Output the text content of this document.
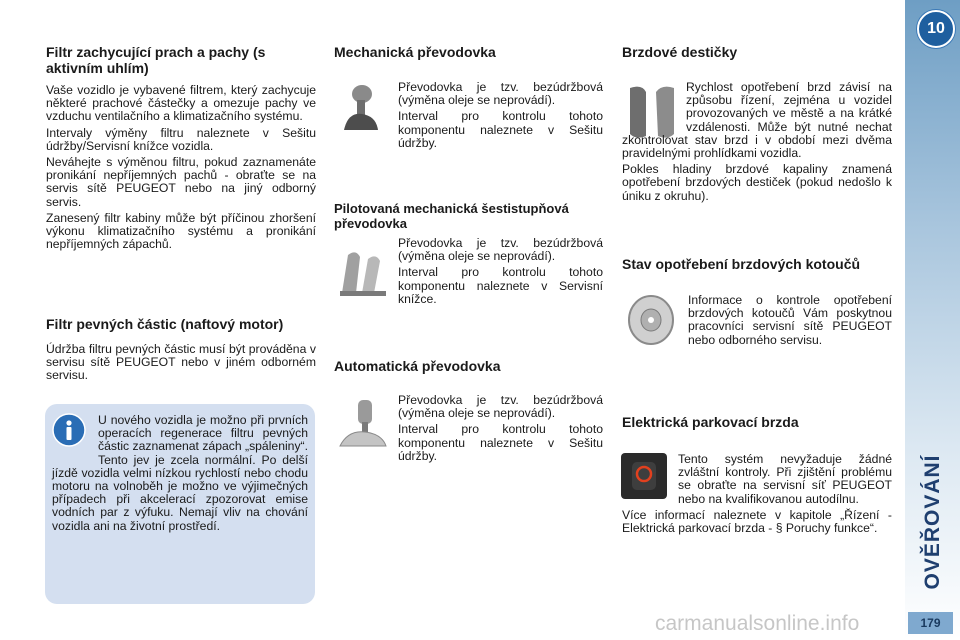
Filtr zachycující prach a pachy (s aktivním uhlím)

Vaše vozidlo je vybavené filtrem, který zachycuje některé prachové částečky a omezuje pachy ve vzduchu ventilačního a klimatizačního systému.

Intervaly výměny filtru naleznete v Sešitu údržby/Servisní knížce vozidla.

Neváhejte s výměnou filtru, pokud zaznamenáte pronikání nepříjemných pachů - obraťte se na servis sítě PEUGEOT nebo na jiný odborný servis.

Zanesený filtr kabiny může být příčinou zhoršení výkonu klimatizačního systému a pronikání nepříjemných zápachů.

Filtr pevných částic (naftový motor)

Údržba filtru pevných částic musí být prováděna v servisu sítě PEUGEOT nebo v jiném odborném servisu.

U nového vozidla je možno při prvních operacích regenerace filtru pevných částic zaznamenat zápach „spáleniny“. Tento jev je zcela normální. Po delší jízdě vozidla velmi nízkou rychlostí nebo chodu motoru na volnoběh je možno ve výjimečných případech při akcelerací zpozorovat emise vodních par z výfuku. Nemají vliv na chování vozidla ani na životní prostředí.

Mechanická převodovka

Převodovka je tzv. bezúdržbová (výměna oleje se neprovádí).

Interval pro kontrolu tohoto komponentu naleznete v Sešitu údržby.

Pilotovaná mechanická šestistupňová převodovka

Převodovka je tzv. bezúdržbová (výměna oleje se neprovádí).

Interval pro kontrolu tohoto komponentu naleznete v Servisní knížce.

Automatická převodovka

Převodovka je tzv. bezúdržbová (výměna oleje se neprovádí).

Interval pro kontrolu tohoto komponentu naleznete v Sešitu údržby.

Brzdové destičky

Rychlost opotřebení brzd závisí na způsobu řízení, zejména u vozidel provozovaných ve městě a na krátké vzdálenosti. Může být nutné nechat zkontrolovat stav brzd i v období mezi dvěma pravidelnými prohlídkami vozidla.

Pokles hladiny brzdové kapaliny znamená opotřebení brzdových destiček (pokud nedošlo k úniku z okruhu).

Stav opotřebení brzdových kotoučů

Informace o kontrole opotřebení brzdových kotoučů Vám poskytnou pracovníci servisní sítě PEUGEOT nebo odborného servisu.

Elektrická parkovací brzda

Tento systém nevyžaduje žádné zvláštní kontroly. Při zjištění problému se obraťte na servisní síť PEUGEOT nebo na kvalifikovanou autodílnu.

Více informací naleznete v kapitole „Řízení - Elektrická parkovací brzda - § Poruchy funkce“.

10
OVĚŘOVÁNÍ
179
carmanualsonline.info
